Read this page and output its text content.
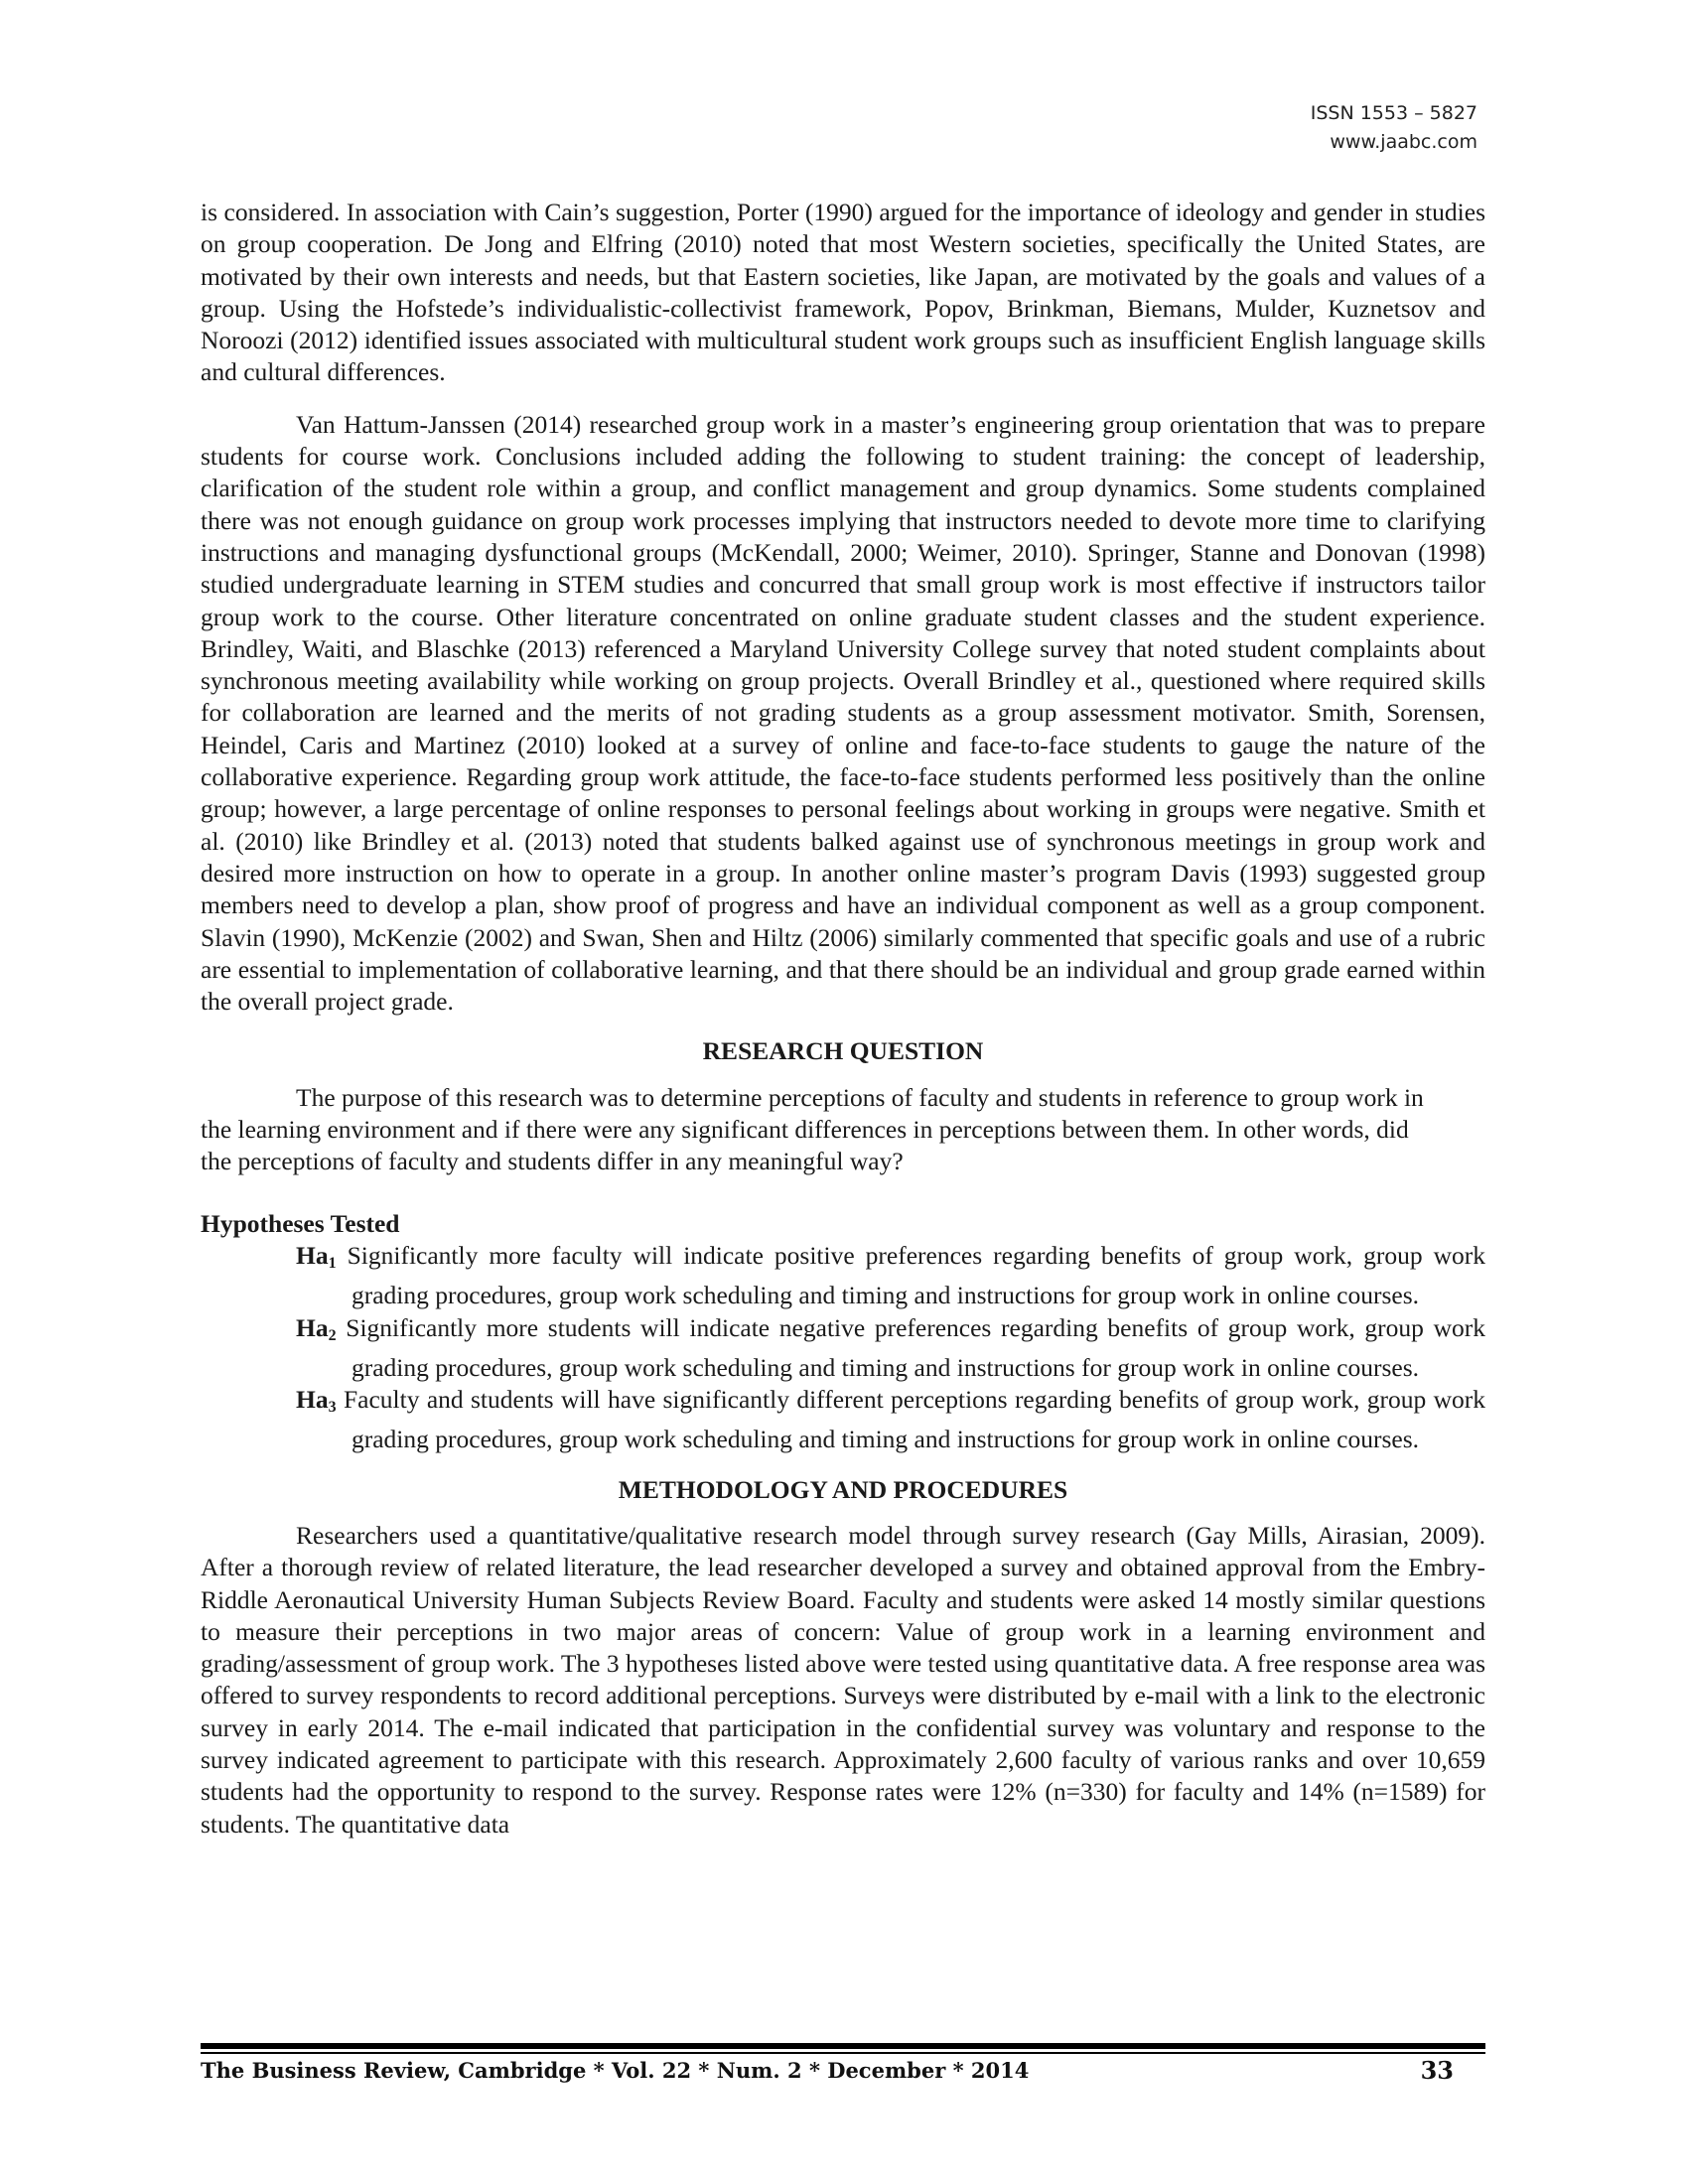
ISSN 1553 – 5827
www.jaabc.com

is considered. In association with Cain’s suggestion, Porter (1990) argued for the importance of ideology and gender in studies on group cooperation. De Jong and Elfring (2010) noted that most Western societies, specifically the United States, are motivated by their own interests and needs, but that Eastern societies, like Japan, are motivated by the goals and values of a group. Using the Hofstede’s individualistic-collectivist framework, Popov, Brinkman, Biemans, Mulder, Kuznetsov and Noroozi (2012) identified issues associated with multicultural student work groups such as insufficient English language skills and cultural differences.

Van Hattum-Janssen (2014) researched group work in a master’s engineering group orientation that was to prepare students for course work. Conclusions included adding the following to student training: the concept of leadership, clarification of the student role within a group, and conflict management and group dynamics. Some students complained there was not enough guidance on group work processes implying that instructors needed to devote more time to clarifying instructions and managing dysfunctional groups (McKendall, 2000; Weimer, 2010). Springer, Stanne and Donovan (1998) studied undergraduate learning in STEM studies and concurred that small group work is most effective if instructors tailor group work to the course. Other literature concentrated on online graduate student classes and the student experience. Brindley, Waiti, and Blaschke (2013) referenced a Maryland University College survey that noted student complaints about synchronous meeting availability while working on group projects. Overall Brindley et al., questioned where required skills for collaboration are learned and the merits of not grading students as a group assessment motivator. Smith, Sorensen, Heindel, Caris and Martinez (2010) looked at a survey of online and face-to-face students to gauge the nature of the collaborative experience. Regarding group work attitude, the face-to-face students performed less positively than the online group; however, a large percentage of online responses to personal feelings about working in groups were negative. Smith et al. (2010) like Brindley et al. (2013) noted that students balked against use of synchronous meetings in group work and desired more instruction on how to operate in a group. In another online master’s program Davis (1993) suggested group members need to develop a plan, show proof of progress and have an individual component as well as a group component. Slavin (1990), McKenzie (2002) and Swan, Shen and Hiltz (2006) similarly commented that specific goals and use of a rubric are essential to implementation of collaborative learning, and that there should be an individual and group grade earned within the overall project grade.

RESEARCH QUESTION

The purpose of this research was to determine perceptions of faculty and students in reference to group work in the learning environment and if there were any significant differences in perceptions between them. In other words, did the perceptions of faculty and students differ in any meaningful way?

Hypotheses Tested
$Ha_1$ Significantly more faculty will indicate positive preferences regarding benefits of group work, group work grading procedures, group work scheduling and timing and instructions for group work in online courses.
$Ha_2$ Significantly more students will indicate negative preferences regarding benefits of group work, group work grading procedures, group work scheduling and timing and instructions for group work in online courses.
$Ha_3$ Faculty and students will have significantly different perceptions regarding benefits of group work, group work grading procedures, group work scheduling and timing and instructions for group work in online courses.
METHODOLOGY AND PROCEDURES

Researchers used a quantitative/qualitative research model through survey research (Gay Mills, Airasian, 2009). After a thorough review of related literature, the lead researcher developed a survey and obtained approval from the Embry-Riddle Aeronautical University Human Subjects Review Board. Faculty and students were asked 14 mostly similar questions to measure their perceptions in two major areas of concern: Value of group work in a learning environment and grading/assessment of group work. The 3 hypotheses listed above were tested using quantitative data. A free response area was offered to survey respondents to record additional perceptions. Surveys were distributed by e-mail with a link to the electronic survey in early 2014. The e-mail indicated that participation in the confidential survey was voluntary and response to the survey indicated agreement to participate with this research. Approximately 2,600 faculty of various ranks and over 10,659 students had the opportunity to respond to the survey. Response rates were 12% (n=330) for faculty and 14% (n=1589) for students. The quantitative data

The Business Review, Cambridge * Vol. 22 * Num. 2 * December * 2014	33
